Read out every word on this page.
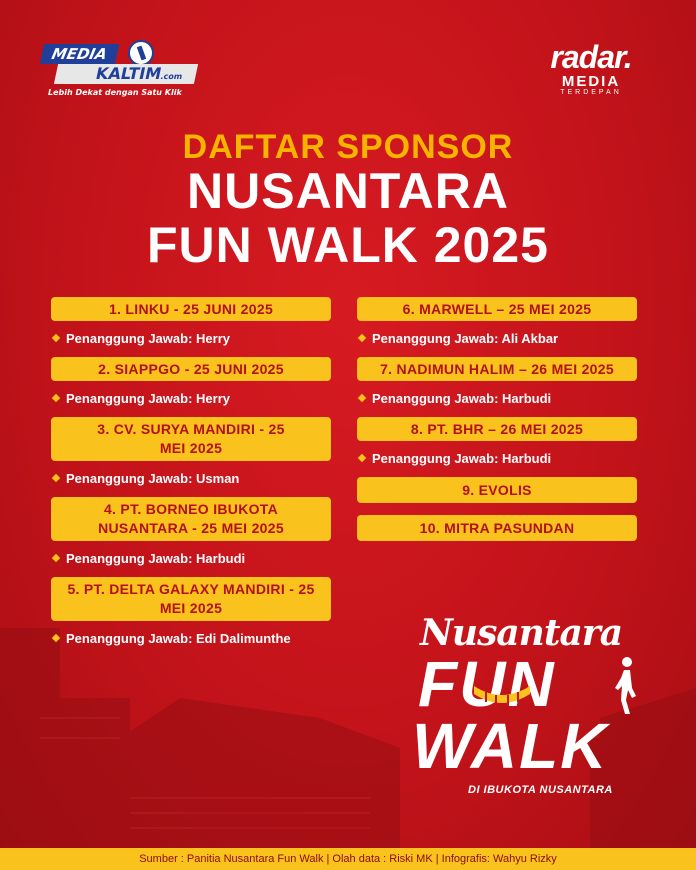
MEDIA
KALTIM.com
Lebih Dekat dengan Satu Klik
radar.
MEDIA
TERDEPAN
DAFTAR SPONSOR
NUSANTARA
FUN WALK 2025
1. LINKU - 25 JUNI 2025
Penanggung Jawab: Herry
2. SIAPPGO - 25 JUNI 2025
Penanggung Jawab: Herry
3. CV. SURYA MANDIRI - 25 MEI 2025
Penanggung Jawab: Usman
4. PT. BORNEO IBUKOTA NUSANTARA - 25 MEI 2025
Penanggung Jawab: Harbudi
5. PT. DELTA GALAXY MANDIRI - 25 MEI 2025
Penanggung Jawab: Edi Dalimunthe
6. MARWELL – 25 MEI 2025
Penanggung Jawab: Ali Akbar
7. NADIMUN HALIM – 26 MEI 2025
Penanggung Jawab: Harbudi
8. PT. BHR – 26 MEI 2025
Penanggung Jawab: Harbudi
9. EVOLIS
10. MITRA PASUNDAN
Nusantara
FUN
WALK
DI IBUKOTA NUSANTARA
Sumber : Panitia Nusantara Fun Walk | Olah data : Riski MK | Infografis: Wahyu Rizky
